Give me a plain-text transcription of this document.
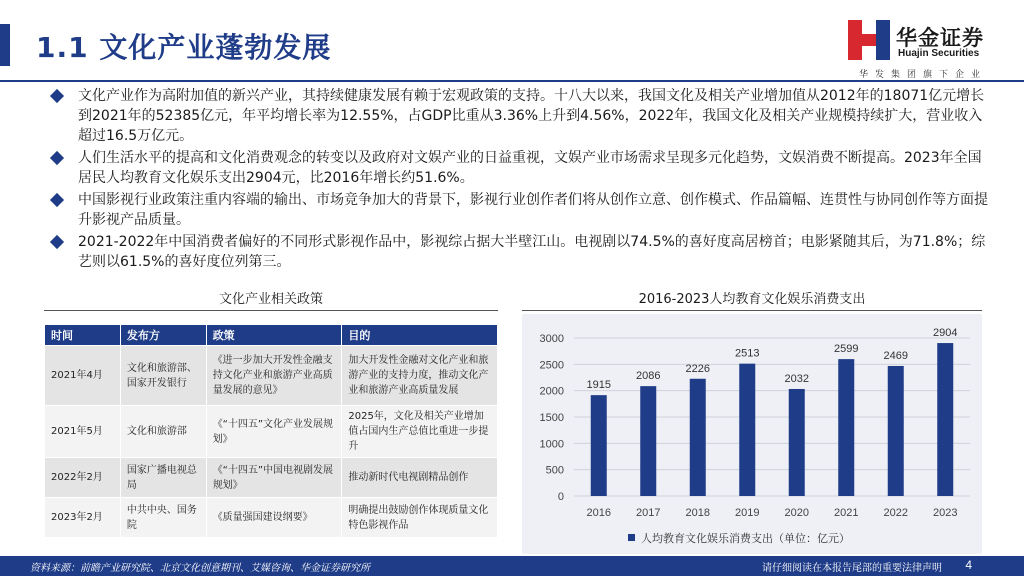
1.1 文化产业蓬勃发展	华金证券
Huajin Securities
华发集团旗下企业
文化产业作为高附加值的新兴产业，其持续健康发展有赖于宏观政策的支持。十八大以来，我国文化及相关产业增加值从2012年的18071亿元增长到2021年的52385亿元，年平均增长率为12.55%，占GDP比重从3.36%上升到4.56%，2022年，我国文化及相关产业规模持续扩大，营业收入超过16.5万亿元。
人们生活水平的提高和文化消费观念的转变以及政府对文娱产业的日益重视，文娱产业市场需求呈现多元化趋势，文娱消费不断提高。2023年全国居民人均教育文化娱乐支出2904元，比2016年增长约51.6%。
中国影视行业政策注重内容端的输出、市场竞争加大的背景下，影视行业创作者们将从创作立意、创作模式、作品篇幅、连贯性与协同创作等方面提升影视产品质量。
2021-2022年中国消费者偏好的不同形式影视作品中，影视综占据大半壁江山。电视剧以74.5%的喜好度高居榜首；电影紧随其后，为71.8%；综艺则以61.5%的喜好度位列第三。
文化产业相关政策
时间	发布方	政策	目的
2021年4月	文化和旅游部、国家开发银行	《进一步加大开发性金融支持文化产业和旅游产业高质量发展的意见》	加大开发性金融对文化产业和旅游产业的支持力度，推动文化产业和旅游产业高质量发展
2021年5月	文化和旅游部	《“十四五”文化产业发展规划》	2025年，文化及相关产业增加值占国内生产总值比重进一步提升
2022年2月	国家广播电视总局	《“十四五”中国电视剧发展规划》	推动新时代电视剧精品创作
2023年2月	中共中央、国务院	《质量强国建设纲要》	明确提出鼓励创作体现质量文化特色影视作品
2016-2023人均教育文化娱乐消费支出
0
500
1000
1500
2000
2500
3000
1915
2016
2086
2017
2226
2018
2513
2019
2032
2020
2599
2021
2469
2022
2904
2023
人均教育文化娱乐消费支出（单位：亿元）
资料来源：前瞻产业研究院、北京文化创意期刊、艾媒咨询、华金证券研究所	请仔细阅读在本报告尾部的重要法律声明 4
